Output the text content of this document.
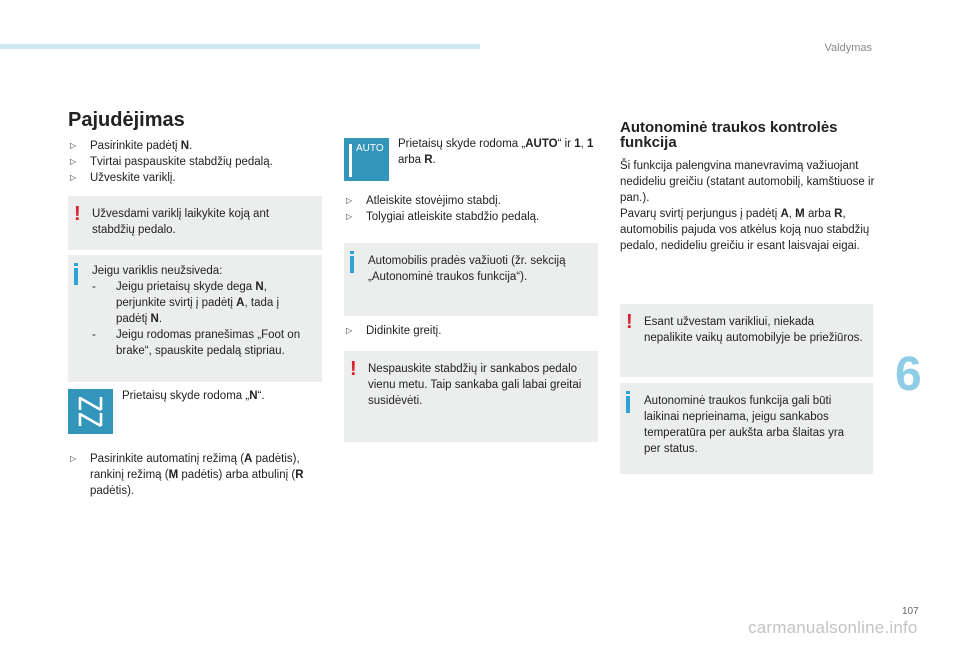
Valdymas
6
107
carmanualsonline.info
Pajudėjimas
▷ Pasirinkite padėtį N.
▷ Tvirtai paspauskite stabdžių pedalą.
▷ Užveskite variklį.
! Užvesdami variklį laikykite koją ant stabdžių pedalo.
Jeigu variklis neužsiveda:
- Jeigu prietaisų skyde dega N, perjunkite svirtį į padėtį A, tada į padėtį N.
- Jeigu rodomas pranešimas „Foot on brake“, spauskite pedalą stipriau.
Prietaisų skyde rodoma „N“.
▷ Pasirinkite automatinį režimą (A padėtis), rankinį režimą (M padėtis) arba atbulinį (R padėtis).
AUTO Prietaisų skyde rodoma „AUTO“ ir 1, 1 arba R.
▷ Atleiskite stovėjimo stabdį.
▷ Tolygiai atleiskite stabdžio pedalą.
Automobilis pradės važiuoti (žr. sekciją „Autonominė traukos funkcija“).
▷ Didinkite greitį.
! Nespauskite stabdžių ir sankabos pedalo vienu metu. Taip sankaba gali labai greitai susidėvėti.
Autonominė traukos kontrolės funkcija
Ši funkcija palengvina manevravimą važiuojant nedideliu greičiu (statant automobilį, kamštiuose ir pan.).
Pavarų svirtį perjungus į padėtį A, M arba R, automobilis pajuda vos atkėlus koją nuo stabdžių pedalo, nedideliu greičiu ir esant laisvajai eigai.
! Esant užvestam varikliui, niekada nepalikite vaikų automobilyje be priežiūros.
Autonominė traukos funkcija gali būti laikinai neprieinama, jeigu sankabos temperatūra per aukšta arba šlaitas yra per status.
